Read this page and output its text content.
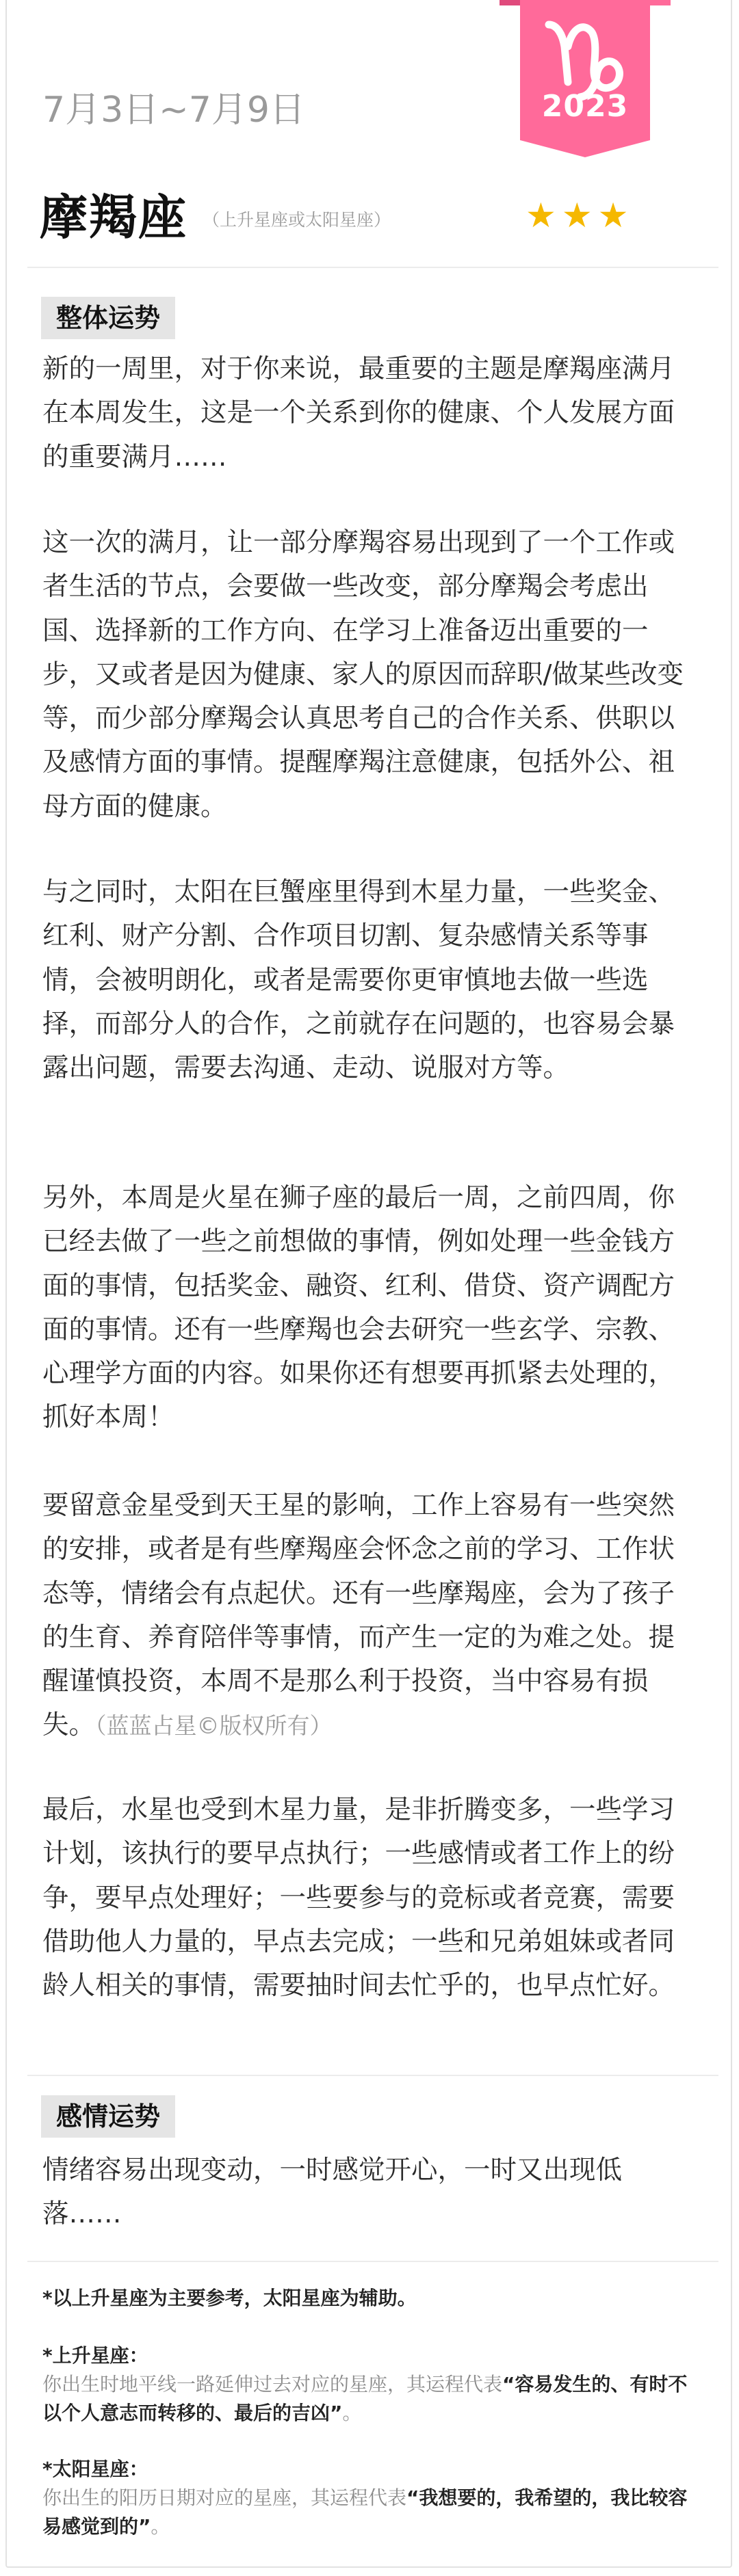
2023
7月3日~7月9日
摩羯座 （上升星座或太阳星座）	★★★
整体运势
新的一周里，对于你来说，最重要的主题是摩羯座满月在本周发生，这是一个关系到你的健康、个人发展方面的重要满月……
这一次的满月，让一部分摩羯容易出现到了一个工作或者生活的节点，会要做一些改变，部分摩羯会考虑出国、选择新的工作方向、在学习上准备迈出重要的一步，又或者是因为健康、家人的原因而辞职/做某些改变等，而少部分摩羯会认真思考自己的合作关系、供职以及感情方面的事情。提醒摩羯注意健康，包括外公、祖母方面的健康。
与之同时，太阳在巨蟹座里得到木星力量，一些奖金、红利、财产分割、合作项目切割、复杂感情关系等事情，会被明朗化，或者是需要你更审慎地去做一些选择，而部分人的合作，之前就存在问题的，也容易会暴露出问题，需要去沟通、走动、说服对方等。
另外，本周是火星在狮子座的最后一周，之前四周，你已经去做了一些之前想做的事情，例如处理一些金钱方面的事情，包括奖金、融资、红利、借贷、资产调配方面的事情。还有一些摩羯也会去研究一些玄学、宗教、心理学方面的内容。如果你还有想要再抓紧去处理的，抓好本周！
要留意金星受到天王星的影响，工作上容易有一些突然的安排，或者是有些摩羯座会怀念之前的学习、工作状态等，情绪会有点起伏。还有一些摩羯座，会为了孩子的生育、养育陪伴等事情，而产生一定的为难之处。提醒谨慎投资，本周不是那么利于投资，当中容易有损失。（蓝蓝占星©版权所有）
最后，水星也受到木星力量，是非折腾变多，一些学习计划，该执行的要早点执行；一些感情或者工作上的纷争，要早点处理好；一些要参与的竞标或者竞赛，需要借助他人力量的，早点去完成；一些和兄弟姐妹或者同龄人相关的事情，需要抽时间去忙乎的，也早点忙好。
感情运势
情绪容易出现变动，一时感觉开心，一时又出现低落……
*以上升星座为主要参考，太阳星座为辅助。
*上升星座：
你出生时地平线一路延伸过去对应的星座，其运程代表“容易发生的、有时不以个人意志而转移的、最后的吉凶”。
*太阳星座：
你出生的阳历日期对应的星座，其运程代表“我想要的，我希望的，我比较容易感觉到的”。
